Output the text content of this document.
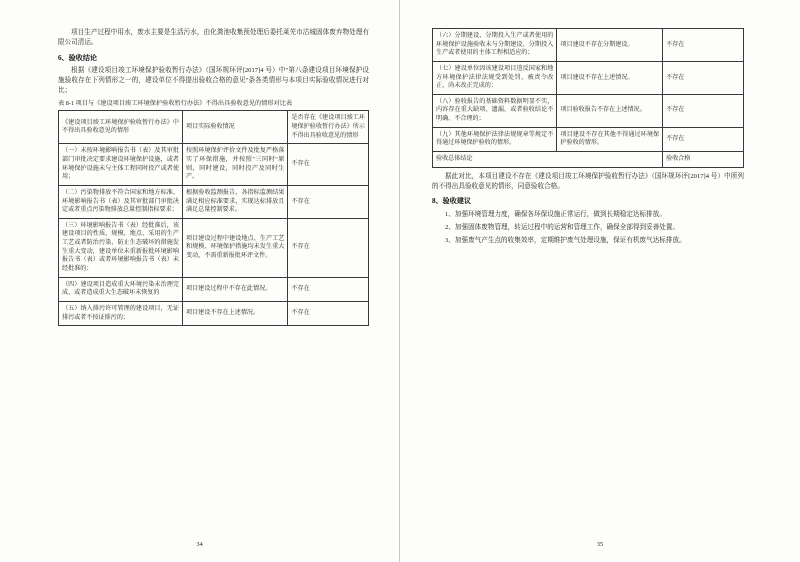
项目生产过程中用水，废水主要是生活污水，由化粪池收集预处理后委托莱芜市沽城固体废弃物处理有限公司清运。

6、验收结论

根据《建设项目竣工环境保护验收暂行办法》（国环规环评[2017]4 号）中"第八条建设项目环境保护设施验收存在下列情形之一的，建设单位不得提出验收合格的意见"条各类情形与本项目实际验收情况进行对比；

表 8-1 项目与《建设项目竣工环境保护验收暂行办法》不得出具验收意见的情形对比表
《建设项目竣工环境保护验收暂行办法》中不得出具验收意见的情形	项目实际验收情况	是否存在《建设项目竣工环境保护验收暂行办法》所示不得出具验收意见的情形
（一）未按环境影响报告书（表）及其审批部门审批决定要求建设环境保护设施，或者环境保护设施未与主体工程同时投产或者使用；	按照环境保护评价文件及批复严格落实了环保措施，并按照"三同时"原则，同时建设，同时投产及同时生产。	不存在
（二）污染物排放不符合国家和地方标准、环境影响报告书（表）及其审批部门审批决定或者重点污染物排放总量控制指标要求；	根据验收监测报告，各指标监测结果满足相应标准要求，实现达标排放且满足总量控制要求。	不存在
（三）环境影响报告书（表）经批准后，该建设项目的性质、规模、地点、采用的生产工艺或者防治污染、防止生态破坏的措施发生重大变动，建设单位未重新报批环境影响报告书（表）或者环境影响报告书（表）未经批准的；	项目建设过程中建设地点、生产工艺和规模、环境保护措施均未发生重大变动，不需重新报批环评文件。	不存在
（四）建设项目造成重大环境污染未治理完成，或者造成重大生态破坏未恢复的	项目建设过程中不存在此情况。	不存在
（五）纳入排污许可管理的建设项目，无证排污或者不按证排污的；	项目建设不存在上述情况。	不存在
34
（六）分期建设、分期投入生产或者使用的环境保护设施验收未与分期建设、分期投入生产或者使用的主体工程相适应的；	项目建设不存在分期建设。	不存在
（七）建设单位因该建设项目违反国家和地方环境保护法律法规受到处罚，被责令改正，尚未改正完成的；	项目建设不存在上述情况。	不存在
（八）验收报告的基础资料数据明显不实，内容存在重大缺项、遗漏，或者验收结论不明确、不合理的；	项目验收报告不存在上述情况。	不存在
（九）其他环境保护法律法规规章等规定不得通过环境保护验收的情形。	项目建设不存在其他不得通过环境保护验收的情形。	不存在
验收总体结论		验收合格

据此对比，本项目建设不存在《建设项目竣工环境保护验收暂行办法》（国环规环评[2017]4 号）中所列的不得出具验收意见的情形，同意验收合格。

8、验收建议

1、加强环境管理力度，确保各环保设施正常运行，做到长期稳定达标排放。

2、加强固体废物管理，转运过程中的运营和管理工作，确保全部得到妥善处置。

3、加强废气产生点的收集效率，定期维护废气处理设施，保证有机废气达标排放。

35
